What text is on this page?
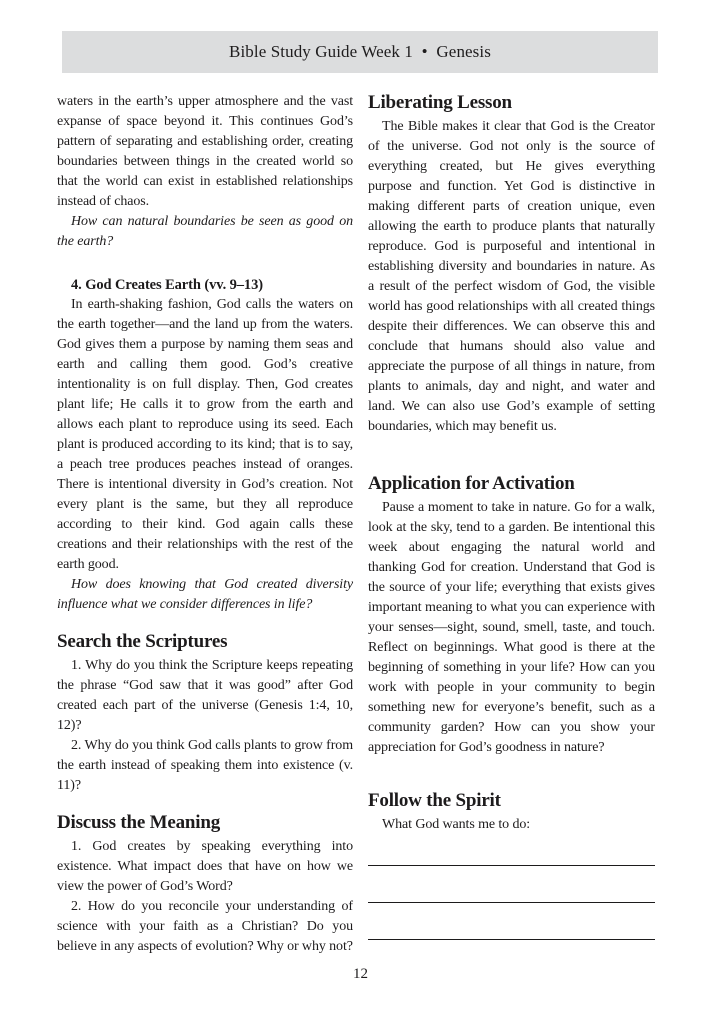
Bible Study Guide Week 1  •  Genesis

waters in the earth’s upper atmosphere and the vast expanse of space beyond it. This continues God’s pattern of separating and establishing order, creating boundaries between things in the created world so that the world can exist in established relationships instead of chaos.

How can natural boundaries be seen as good on the earth?

4. God Creates Earth (vv. 9–13)

In earth-shaking fashion, God calls the waters on the earth together—and the land up from the waters. God gives them a purpose by naming them seas and earth and calling them good. God’s creative intentionality is on full display. Then, God creates plant life; He calls it to grow from the earth and allows each plant to reproduce using its seed. Each plant is produced according to its kind; that is to say, a peach tree produces peaches instead of oranges. There is intentional diversity in God’s creation. Not every plant is the same, but they all reproduce according to their kind. God again calls these creations and their relationships with the rest of the earth good.

How does knowing that God created diversity influence what we consider differences in life?

Search the Scriptures

1. Why do you think the Scripture keeps repeating the phrase “God saw that it was good” after God created each part of the universe (Genesis 1:4, 10, 12)?

2. Why do you think God calls plants to grow from the earth instead of speaking them into existence (v. 11)?

Discuss the Meaning

1. God creates by speaking everything into existence. What impact does that have on how we view the power of God’s Word?

2. How do you reconcile your understanding of science with your faith as a Christian? Do you believe in any aspects of evolution? Why or why not?

Liberating Lesson

The Bible makes it clear that God is the Creator of the universe. God not only is the source of everything created, but He gives everything purpose and function. Yet God is distinctive in making different parts of creation unique, even allowing the earth to produce plants that naturally reproduce. God is purposeful and intentional in establishing diversity and boundaries in nature. As a result of the perfect wisdom of God, the visible world has good relationships with all created things despite their differences. We can observe this and conclude that humans should also value and appreciate the purpose of all things in nature, from plants to animals, day and night, and water and land. We can also use God’s example of setting boundaries, which may benefit us.

Application for Activation

Pause a moment to take in nature. Go for a walk, look at the sky, tend to a garden. Be intentional this week about engaging the natural world and thanking God for creation. Understand that God is the source of your life; everything that exists gives important meaning to what you can experience with your senses—sight, sound, smell, taste, and touch. Reflect on beginnings. What good is there at the beginning of something in your life? How can you work with people in your community to begin something new for everyone’s benefit, such as a community garden? How can you show your appreciation for God’s goodness in nature?

Follow the Spirit

What God wants me to do:

12
